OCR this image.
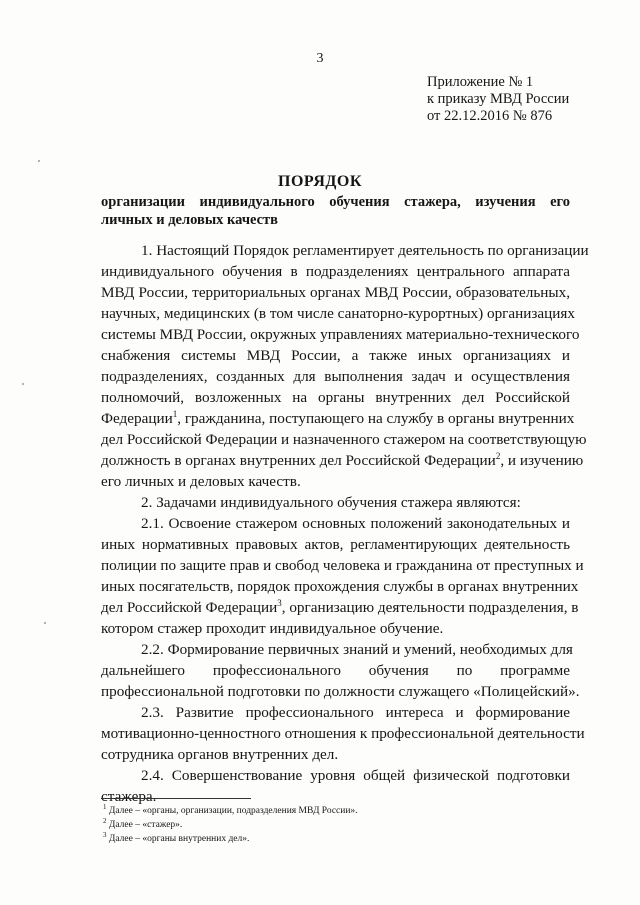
3
Приложение № 1
к приказу МВД России
от 22.12.2016 № 876
ПОРЯДОК
организации индивидуального обучения стажера, изучения его
личных и деловых качеств
1. Настоящий Порядок регламентирует деятельность по организации
индивидуального обучения в подразделениях центрального аппарата
МВД России, территориальных органах МВД России, образовательных,
научных, медицинских (в том числе санаторно-курортных) организациях
системы МВД России, окружных управлениях материально-технического
снабжения системы МВД России, а также иных организациях и
подразделениях, созданных для выполнения задач и осуществления
полномочий, возложенных на органы внутренних дел Российской
Федерации$^1$, гражданина, поступающего на службу в органы внутренних
дел Российской Федерации и назначенного стажером на соответствующую
должность в органах внутренних дел Российской Федерации$^2$, и изучению
его личных и деловых качеств.
2. Задачами индивидуального обучения стажера являются:
2.1. Освоение стажером основных положений законодательных и
иных нормативных правовых актов, регламентирующих деятельность
полиции по защите прав и свобод человека и гражданина от преступных и
иных посягательств, порядок прохождения службы в органах внутренних
дел Российской Федерации$^3$, организацию деятельности подразделения, в
котором стажер проходит индивидуальное обучение.
2.2. Формирование первичных знаний и умений, необходимых для
дальнейшего профессионального обучения по программе
профессиональной подготовки по должности служащего «Полицейский».
2.3. Развитие профессионального интереса и формирование
мотивационно-ценностного отношения к профессиональной деятельности
сотрудника органов внутренних дел.
2.4. Совершенствование уровня общей физической подготовки
стажера.
$^1$ Далее – «органы, организации, подразделения МВД России».
$^2$ Далее – «стажер».
$^3$ Далее – «органы внутренних дел».
